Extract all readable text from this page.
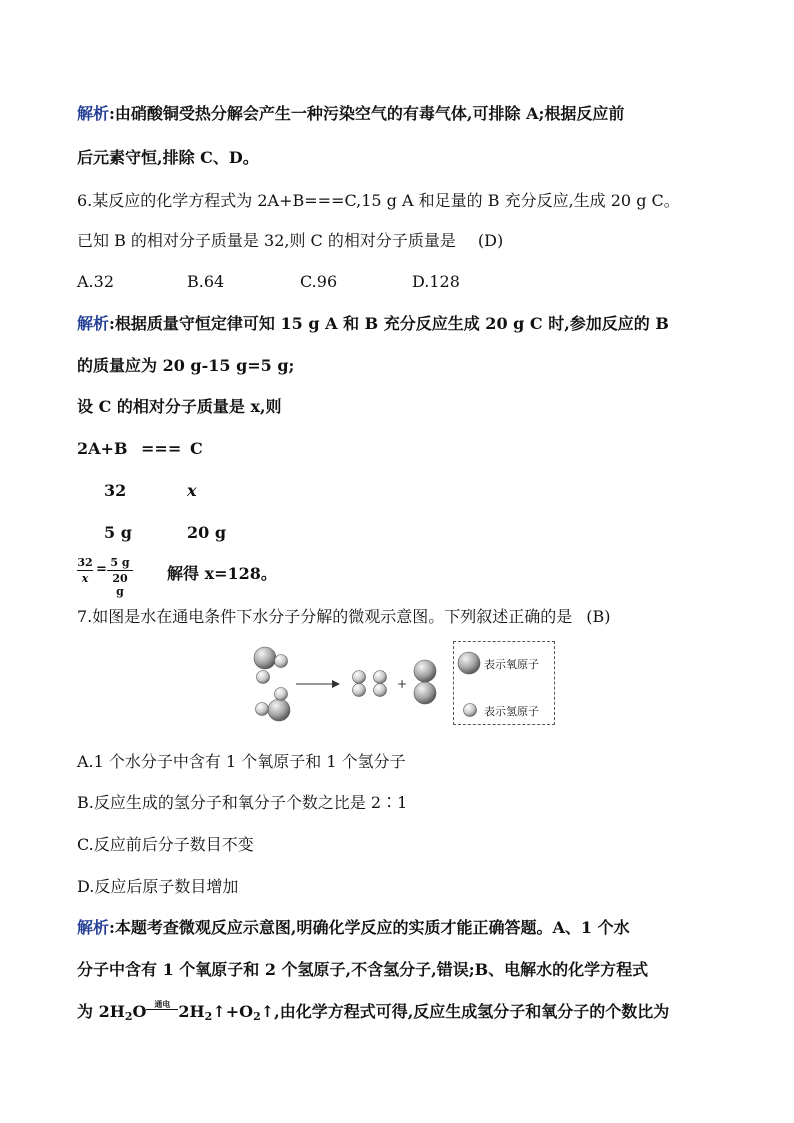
解析:由硝酸铜受热分解会产生一种污染空气的有毒气体,可排除 A;根据反应前
后元素守恒,排除 C、D。
6.某反应的化学方程式为 2A+B===C,15 g A 和足量的 B 充分反应,生成 20 g C。
已知 B 的相对分子质量是 32,则 C 的相对分子质量是 (D)
A.32	B.64	C.96	D.128
解析:根据质量守恒定律可知 15 g A 和 B 充分反应生成 20 g C 时,参加反应的 B
的质量应为 20 g-15 g=5 g;
设 C 的相对分子质量是 x,则
2A+B === C
32	x
5 g	20 g
32
x
= 5 g
20 g
解得 x=128。
7.如图是水在通电条件下水分子分解的微观示意图。下列叙述正确的是 (B)
+
表示氧原子
表示氢原子
A.1 个水分子中含有 1 个氧原子和 1 个氢分子
B.反应生成的氢分子和氧分子个数之比是 2∶1
C.反应前后分子数目不变
D.反应后原子数目增加
解析:本题考查微观反应示意图,明确化学反应的实质才能正确答题。A、1 个水
分子中含有 1 个氧原子和 2 个氢原子,不含氢分子,错误;B、电解水的化学方程式
为 $2H_2O$	通电 $2H_2↑+O_2↑$,由化学方程式可得,反应生成氢分子和氧分子的个数比为
